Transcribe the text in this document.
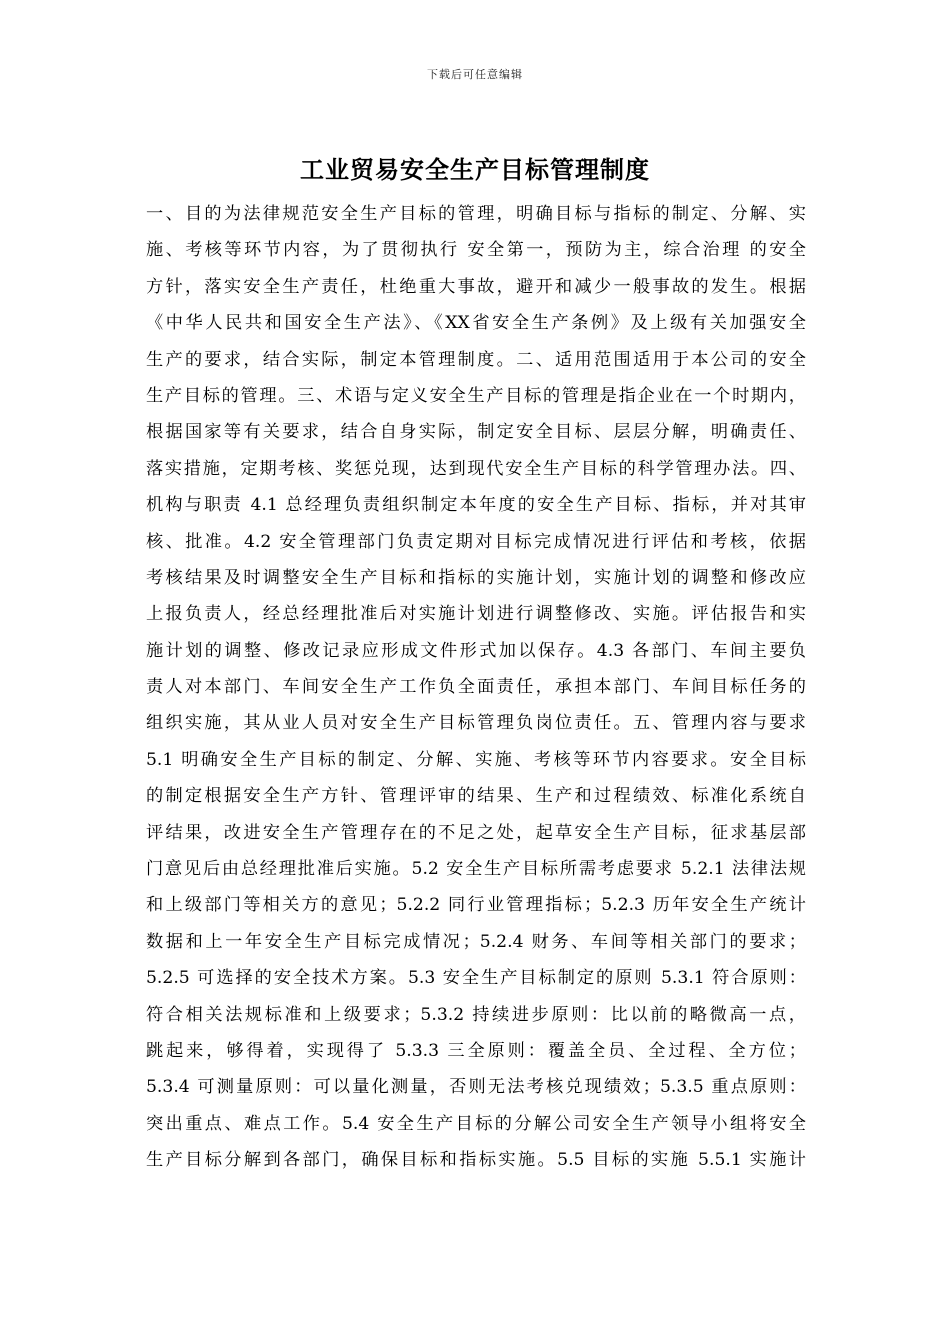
下载后可任意编辑
工业贸易安全生产目标管理制度
一、目的为法律规范安全生产目标的管理，明确目标与指标的制定、分解、实
施、考核等环节内容，为了贯彻执行 安全第一，预防为主，综合治理 的安全
方针，落实安全生产责任，杜绝重大事故，避开和减少一般事故的发生。根据
《中华人民共和国安全生产法》、《XX省安全生产条例》及上级有关加强安全
生产的要求，结合实际，制定本管理制度。二、适用范围适用于本公司的安全
生产目标的管理。三、术语与定义安全生产目标的管理是指企业在一个时期内，
根据国家等有关要求，结合自身实际，制定安全目标、层层分解，明确责任、
落实措施，定期考核、奖惩兑现，达到现代安全生产目标的科学管理办法。四、
机构与职责 4.1 总经理负责组织制定本年度的安全生产目标、指标，并对其审
核、批准。4.2 安全管理部门负责定期对目标完成情况进行评估和考核，依据
考核结果及时调整安全生产目标和指标的实施计划，实施计划的调整和修改应
上报负责人，经总经理批准后对实施计划进行调整修改、实施。评估报告和实
施计划的调整、修改记录应形成文件形式加以保存。4.3 各部门、车间主要负
责人对本部门、车间安全生产工作负全面责任，承担本部门、车间目标任务的
组织实施，其从业人员对安全生产目标管理负岗位责任。五、管理内容与要求
5.1 明确安全生产目标的制定、分解、实施、考核等环节内容要求。安全目标
的制定根据安全生产方针、管理评审的结果、生产和过程绩效、标准化系统自
评结果，改进安全生产管理存在的不足之处，起草安全生产目标，征求基层部
门意见后由总经理批准后实施。5.2 安全生产目标所需考虑要求 5.2.1 法律法规
和上级部门等相关方的意见；5.2.2 同行业管理指标；5.2.3 历年安全生产统计
数据和上一年安全生产目标完成情况；5.2.4 财务、车间等相关部门的要求；
5.2.5 可选择的安全技术方案。5.3 安全生产目标制定的原则 5.3.1 符合原则：
符合相关法规标准和上级要求；5.3.2 持续进步原则：比以前的略微高一点，
跳起来，够得着，实现得了 5.3.3 三全原则：覆盖全员、全过程、全方位；
5.3.4 可测量原则：可以量化测量，否则无法考核兑现绩效；5.3.5 重点原则：
突出重点、难点工作。5.4 安全生产目标的分解公司安全生产领导小组将安全
生产目标分解到各部门，确保目标和指标实施。5.5 目标的实施 5.5.1 实施计
